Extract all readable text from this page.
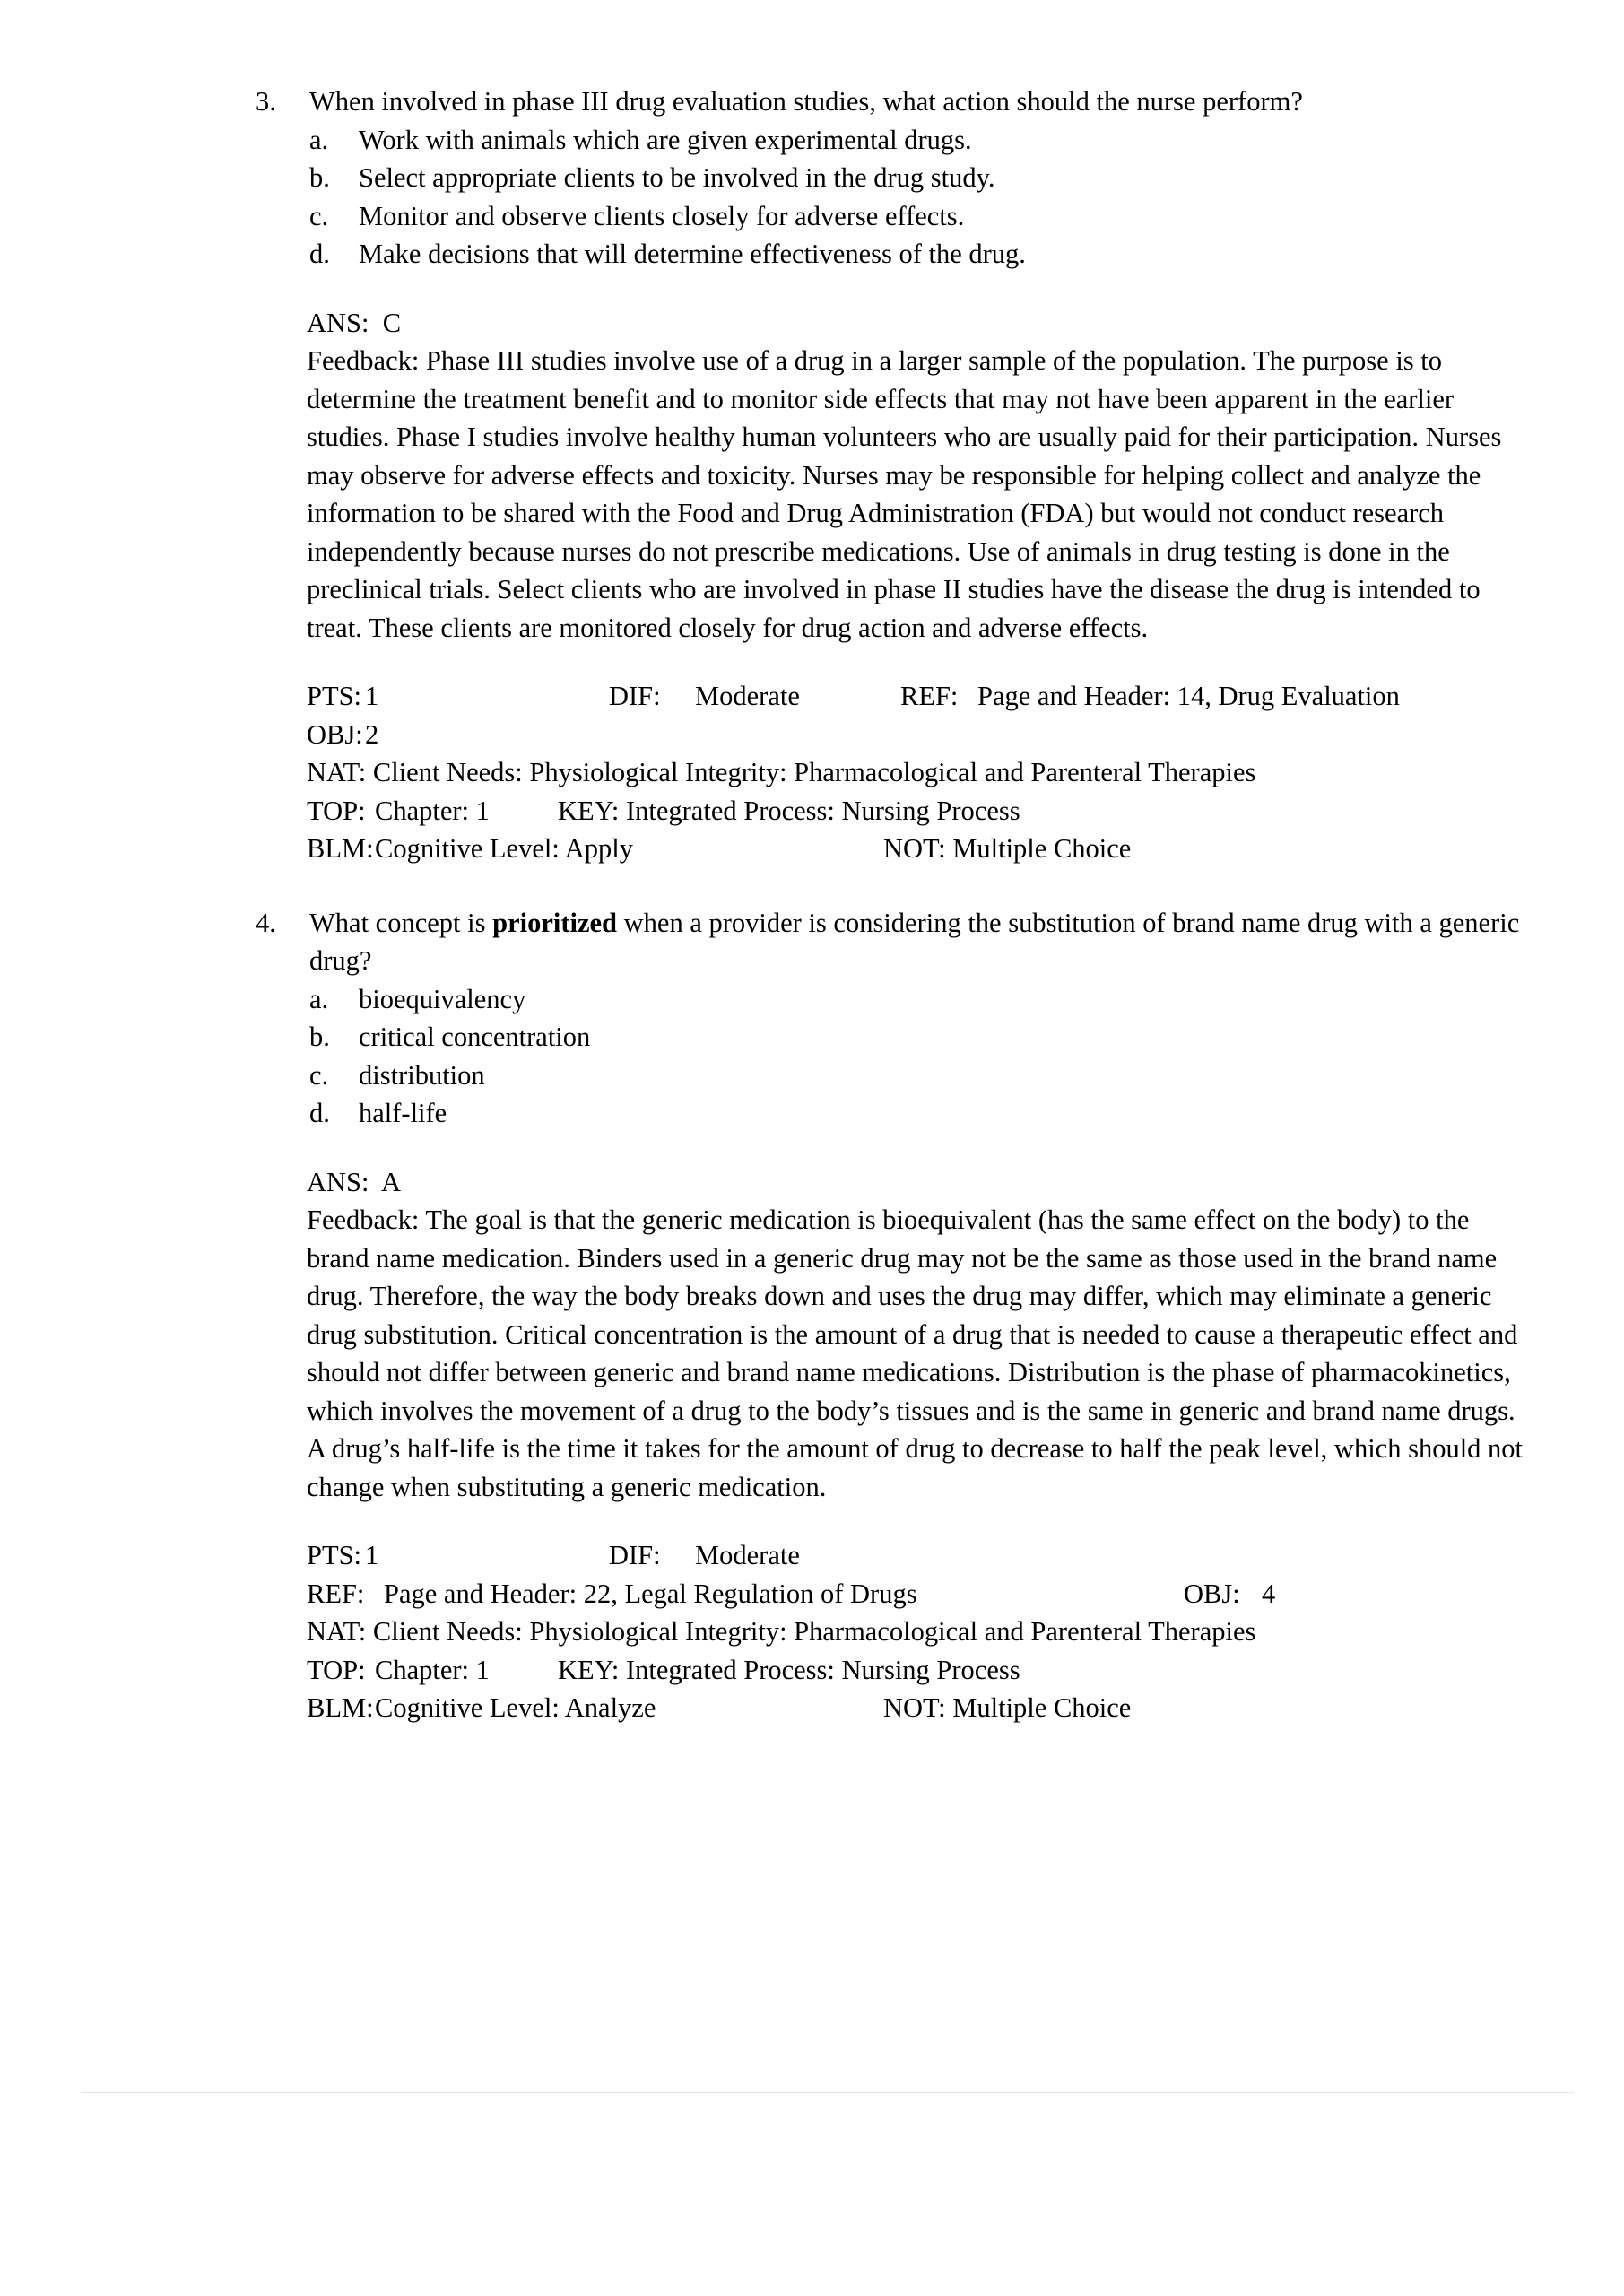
3.	When involved in phase III drug evaluation studies, what action should the nurse perform?
a.	Work with animals which are given experimental drugs.
b.	Select appropriate clients to be involved in the drug study.
c.	Monitor and observe clients closely for adverse effects.
d.	Make decisions that will determine effectiveness of the drug.
ANS:  C
Feedback: Phase III studies involve use of a drug in a larger sample of the population. The purpose is to determine the treatment benefit and to monitor side effects that may not have been apparent in the earlier studies. Phase I studies involve healthy human volunteers who are usually paid for their participation. Nurses may observe for adverse effects and toxicity. Nurses may be responsible for helping collect and analyze the information to be shared with the Food and Drug Administration (FDA) but would not conduct research independently because nurses do not prescribe medications. Use of animals in drug testing is done in the preclinical trials. Select clients who are involved in phase II studies have the disease the drug is intended to treat. These clients are monitored closely for drug action and adverse effects.
PTS: 1	DIF: Moderate	REF: Page and Header: 14, Drug Evaluation
OBJ: 2
NAT: Client Needs: Physiological Integrity: Pharmacological and Parenteral Therapies
TOP: Chapter: 1 KEY: Integrated Process: Nursing Process
BLM: Cognitive Level: Apply	NOT: Multiple Choice
4.	What concept is prioritized when a provider is considering the substitution of brand name drug with a generic drug?
a.	bioequivalency
b.	critical concentration
c.	distribution
d.	half-life
ANS:  A
Feedback: The goal is that the generic medication is bioequivalent (has the same effect on the body) to the brand name medication. Binders used in a generic drug may not be the same as those used in the brand name drug. Therefore, the way the body breaks down and uses the drug may differ, which may eliminate a generic drug substitution. Critical concentration is the amount of a drug that is needed to cause a therapeutic effect and should not differ between generic and brand name medications. Distribution is the phase of pharmacokinetics, which involves the movement of a drug to the body’s tissues and is the same in generic and brand name drugs. A drug’s half-life is the time it takes for the amount of drug to decrease to half the peak level, which should not change when substituting a generic medication.
PTS: 1	DIF: Moderate
REF: Page and Header: 22, Legal Regulation of Drugs	OBJ: 4
NAT: Client Needs: Physiological Integrity: Pharmacological and Parenteral Therapies
TOP: Chapter: 1 KEY: Integrated Process: Nursing Process
BLM: Cognitive Level: Analyze	NOT: Multiple Choice
